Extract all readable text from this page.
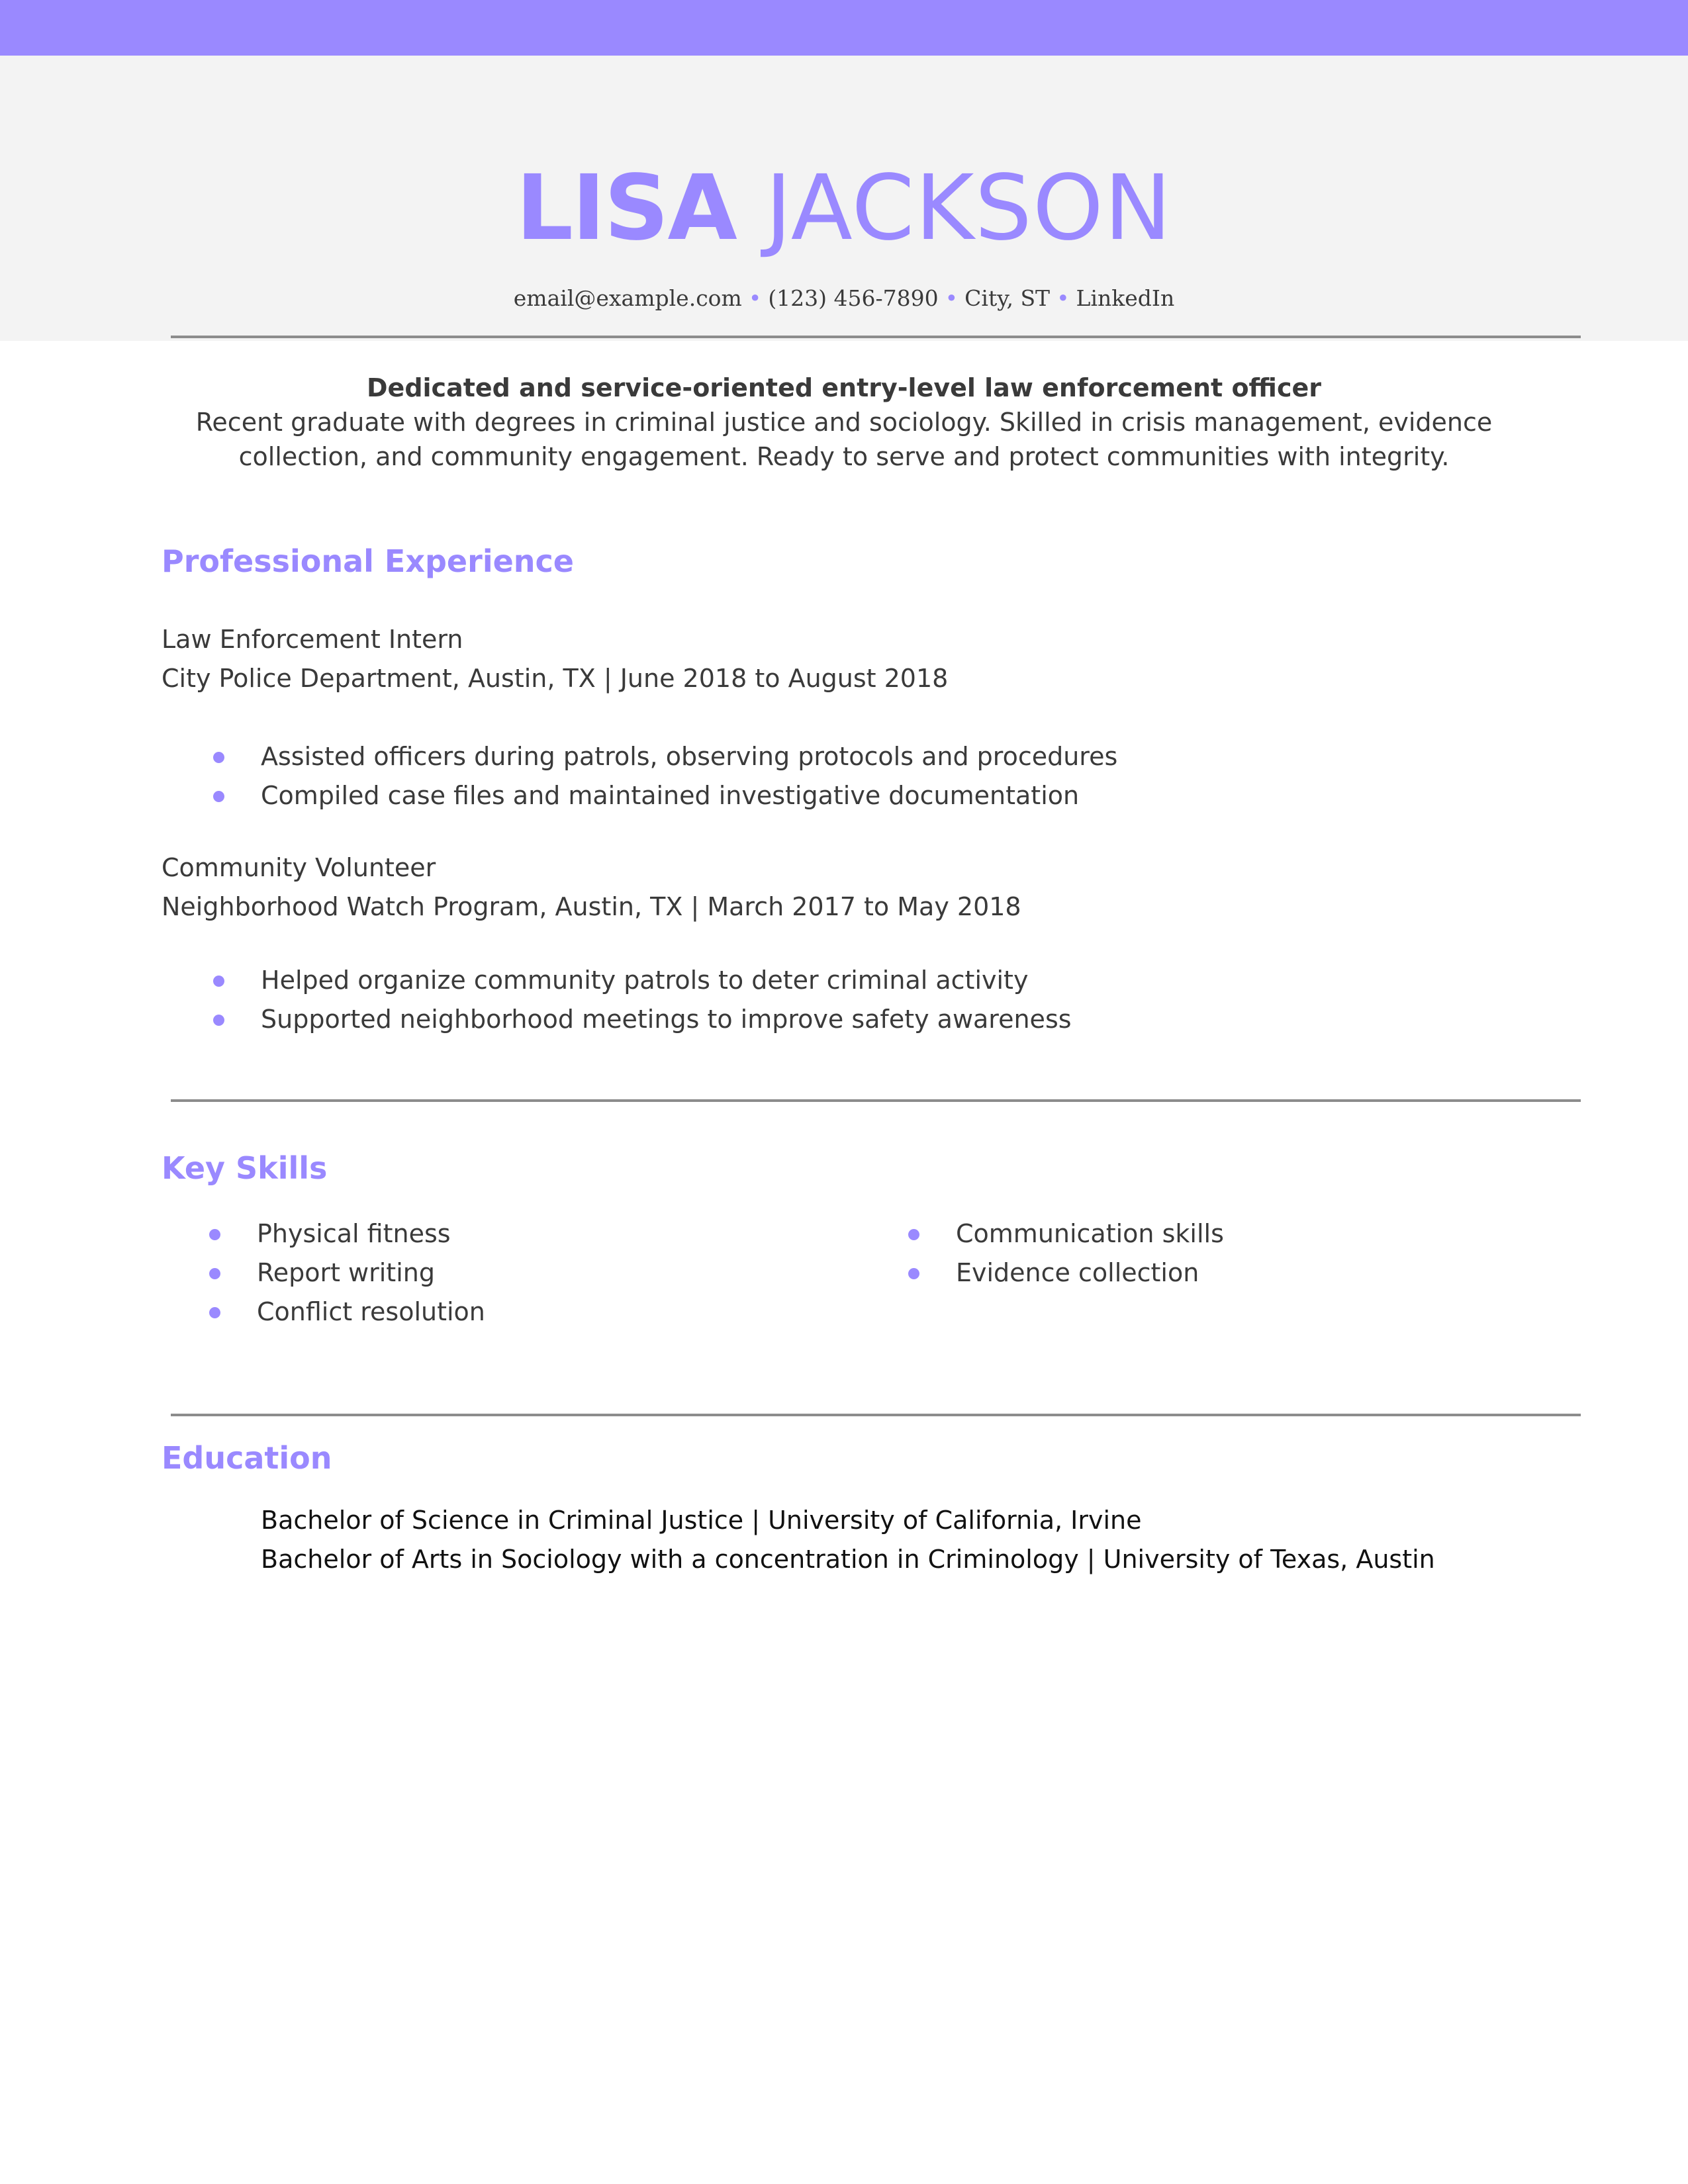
LISA JACKSON
email@example.com • (123) 456-7890 • City, ST • LinkedIn
Dedicated and service-oriented entry-level law enforcement officer
Recent graduate with degrees in criminal justice and sociology. Skilled in crisis management, evidence collection, and community engagement. Ready to serve and protect communities with integrity.
Professional Experience
Law Enforcement Intern
City Police Department, Austin, TX | June 2018 to August 2018
Assisted officers during patrols, observing protocols and procedures
Compiled case files and maintained investigative documentation
Community Volunteer
Neighborhood Watch Program, Austin, TX | March 2017 to May 2018
Helped organize community patrols to deter criminal activity
Supported neighborhood meetings to improve safety awareness
Key Skills
Physical fitness
Report writing
Conflict resolution
Communication skills
Evidence collection
Education
Bachelor of Science in Criminal Justice | University of California, Irvine
Bachelor of Arts in Sociology with a concentration in Criminology | University of Texas, Austin
